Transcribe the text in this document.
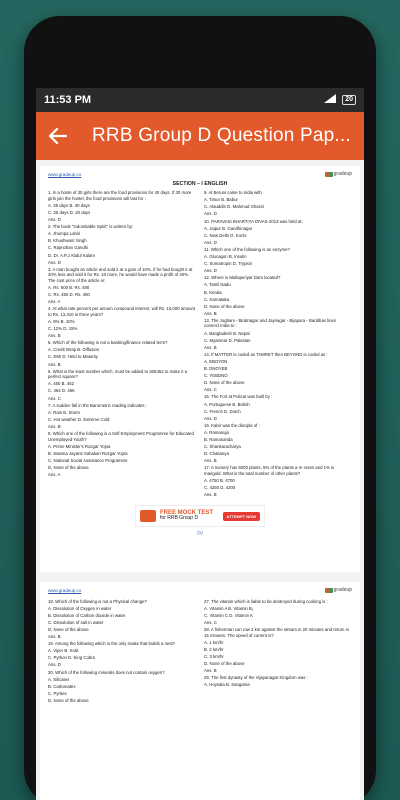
11:53 PM	20
RRB Group D Question Pap...
www.gradeup.co	gradeup
SECTION – I ENGLISH
1. In a hoste of 30 girls there are the food provisions for 40 days. If 30 more girls join the hostel, the food provisions will last for :
A. 35 days B. 30 days
C. 25 days D. 20 days
Ans. D
2. The book "Indomitable Spirit" is written by:
A. Jhumpa Lahiri
B. Khushwant Singh
C. Rajmohan Gandhi
D. Dr. A.P.J Abdul Kalam
Ans. D
3. A man bought an article and sold it at a gain of 10%. If he had bought it at 20% less and sold it for Rs. 10 more, he would have made a profit of 40%. The cost price of the article is:
A. Rs. 500 B. Rs. 480
C. Rs. 450 D. Rs. 400
Ans. A
4. At what rate percent per annum compound interest, will Rs. 10,000 amount to Rs. 13,310 in three years?
A. 8% B. 10%
C. 12% D. 15%
Ans. B
5. Which of the following is not a banking/finance related term?
A. Credit Wrap B. Diffusion
C. EMI D. Held to Maturity
Ans. B
6. What is the least number which, must be added to 306452 to make it a perfect square?
A. 460 B. 462
C. 464 D. 466
Ans. C
7. A sudden fall in the Barometric reading indicates :
A. Rain B. Storm
C. Hot weather D. Extreme Cold
Ans. B
8. Which one of the following is a Self-Employment Programme for Educated Unemployed Youth?
A. Prime Minister's Rozgar Yojna
B. Swarna Jayanti Sahakari Rozgar Yojna
C. National Social Assistance Programme
D. None of the above
Ans. A
9. Al Beruni came to India with
A. Timur B. Babur
C. Alauddin D. Mahmud Ghazni
Ans. D
10. PARAVASI BHARTIYA DIVAS-2013 was held at:
A. Jaipur B. Gandhinagar
C. New Delhi D. Kochi
Ans. D
11. Which one of the following is an enzyme?
A. Glucagon B. Insulin
C. Somatropin D. Trypsin
Ans. D
12. Where is Mullaperiyar Dam located?
A. Tamil Nadu
B. Kerala
C. Karnataka
D. None of the above
Ans. B
13. The Jogbani - Biratnagar and Jaynagar - Bijapura - Bardibas lines connect India to :
A. Bangladesh B. Nepal
C. Myanmar D. Pakistan
Ans. B
14. If MATTER is coded as TAMRET then BEYOND is coded as :
A. EBOYDN
B. DNOYEB
C. YEBDNO
D. None of the above
Ans. C
15. The Fort at Pulicat was built by :
A. Portuguese B. British
C. French D. Dutch
Ans. D
16. Kabir was the disciple of :
A. Ramanuja
B. Ramananda
C. Shankaracharya
D. Chaitanya
Ans. B
17. A nursery has 5000 plants. 5% of the plants a re roses and 1% is marigold. What is the total number of other plants?
A. 4750 B. 4700
C. 4250 D. 4200
Ans. B
FREE MOCK TEST
for RRB Group D	ATTEMPT NOW
(1)
www.gradeup.co	gradeup
18. Which of the following is not a Physical change?
A. Dissolution of Oxygen in water
B. Dissolution of Carbon dioxide in water
C. Dissolution of salt in water
D. None of the above
Ans. B
19. Among the following which is the only snake that builds a nest?
A. Viper B. Krait
C. Python D. King Cobra
Ans. D
20. Which of the following minerals does not contain oxygen?
A. Silicates
B. Carbonates
C. Pyrites
D. None of the above
27. The vitamin which is liable to be destroyed during cooking is :
A. Vitamin A B. Vitamin B₁
C. Vitamin C D. Vitamin K
Ans. C
28. A fisherman can row 2 km against the stream in 20 minutes and return in 15 minutes. The speed of current is?
A. 1 km/hr
B. 2 km/hr
C. 3 km/hr
D. None of the above
Ans. B
29. The first dynasty of the Vijayanagar Kingdom was :
A. Hoysala B. Sangama
